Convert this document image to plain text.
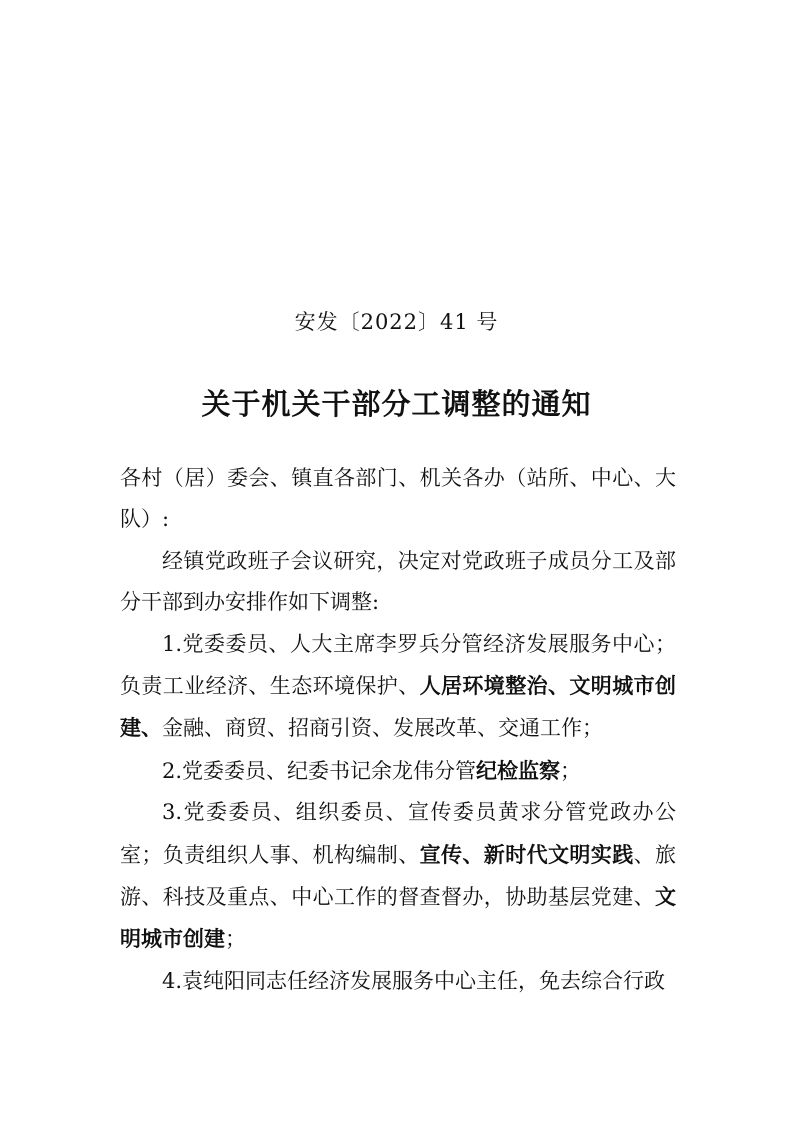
安发〔2022〕41 号
关于机关干部分工调整的通知

各村（居）委会、镇直各部门、机关各办（站所、中心、大队）:

经镇党政班子会议研究，决定对党政班子成员分工及部分干部到办安排作如下调整:

1.党委委员、人大主席李罗兵分管经济发展服务中心；负责工业经济、生态环境保护、人居环境整治、文明城市创建、金融、商贸、招商引资、发展改革、交通工作；

2.党委委员、纪委书记余龙伟分管纪检监察；

3.党委委员、组织委员、宣传委员黄求分管党政办公室；负责组织人事、机构编制、宣传、新时代文明实践、旅游、科技及重点、中心工作的督查督办，协助基层党建、文明城市创建；

4.袁纯阳同志任经济发展服务中心主任，免去综合行政
